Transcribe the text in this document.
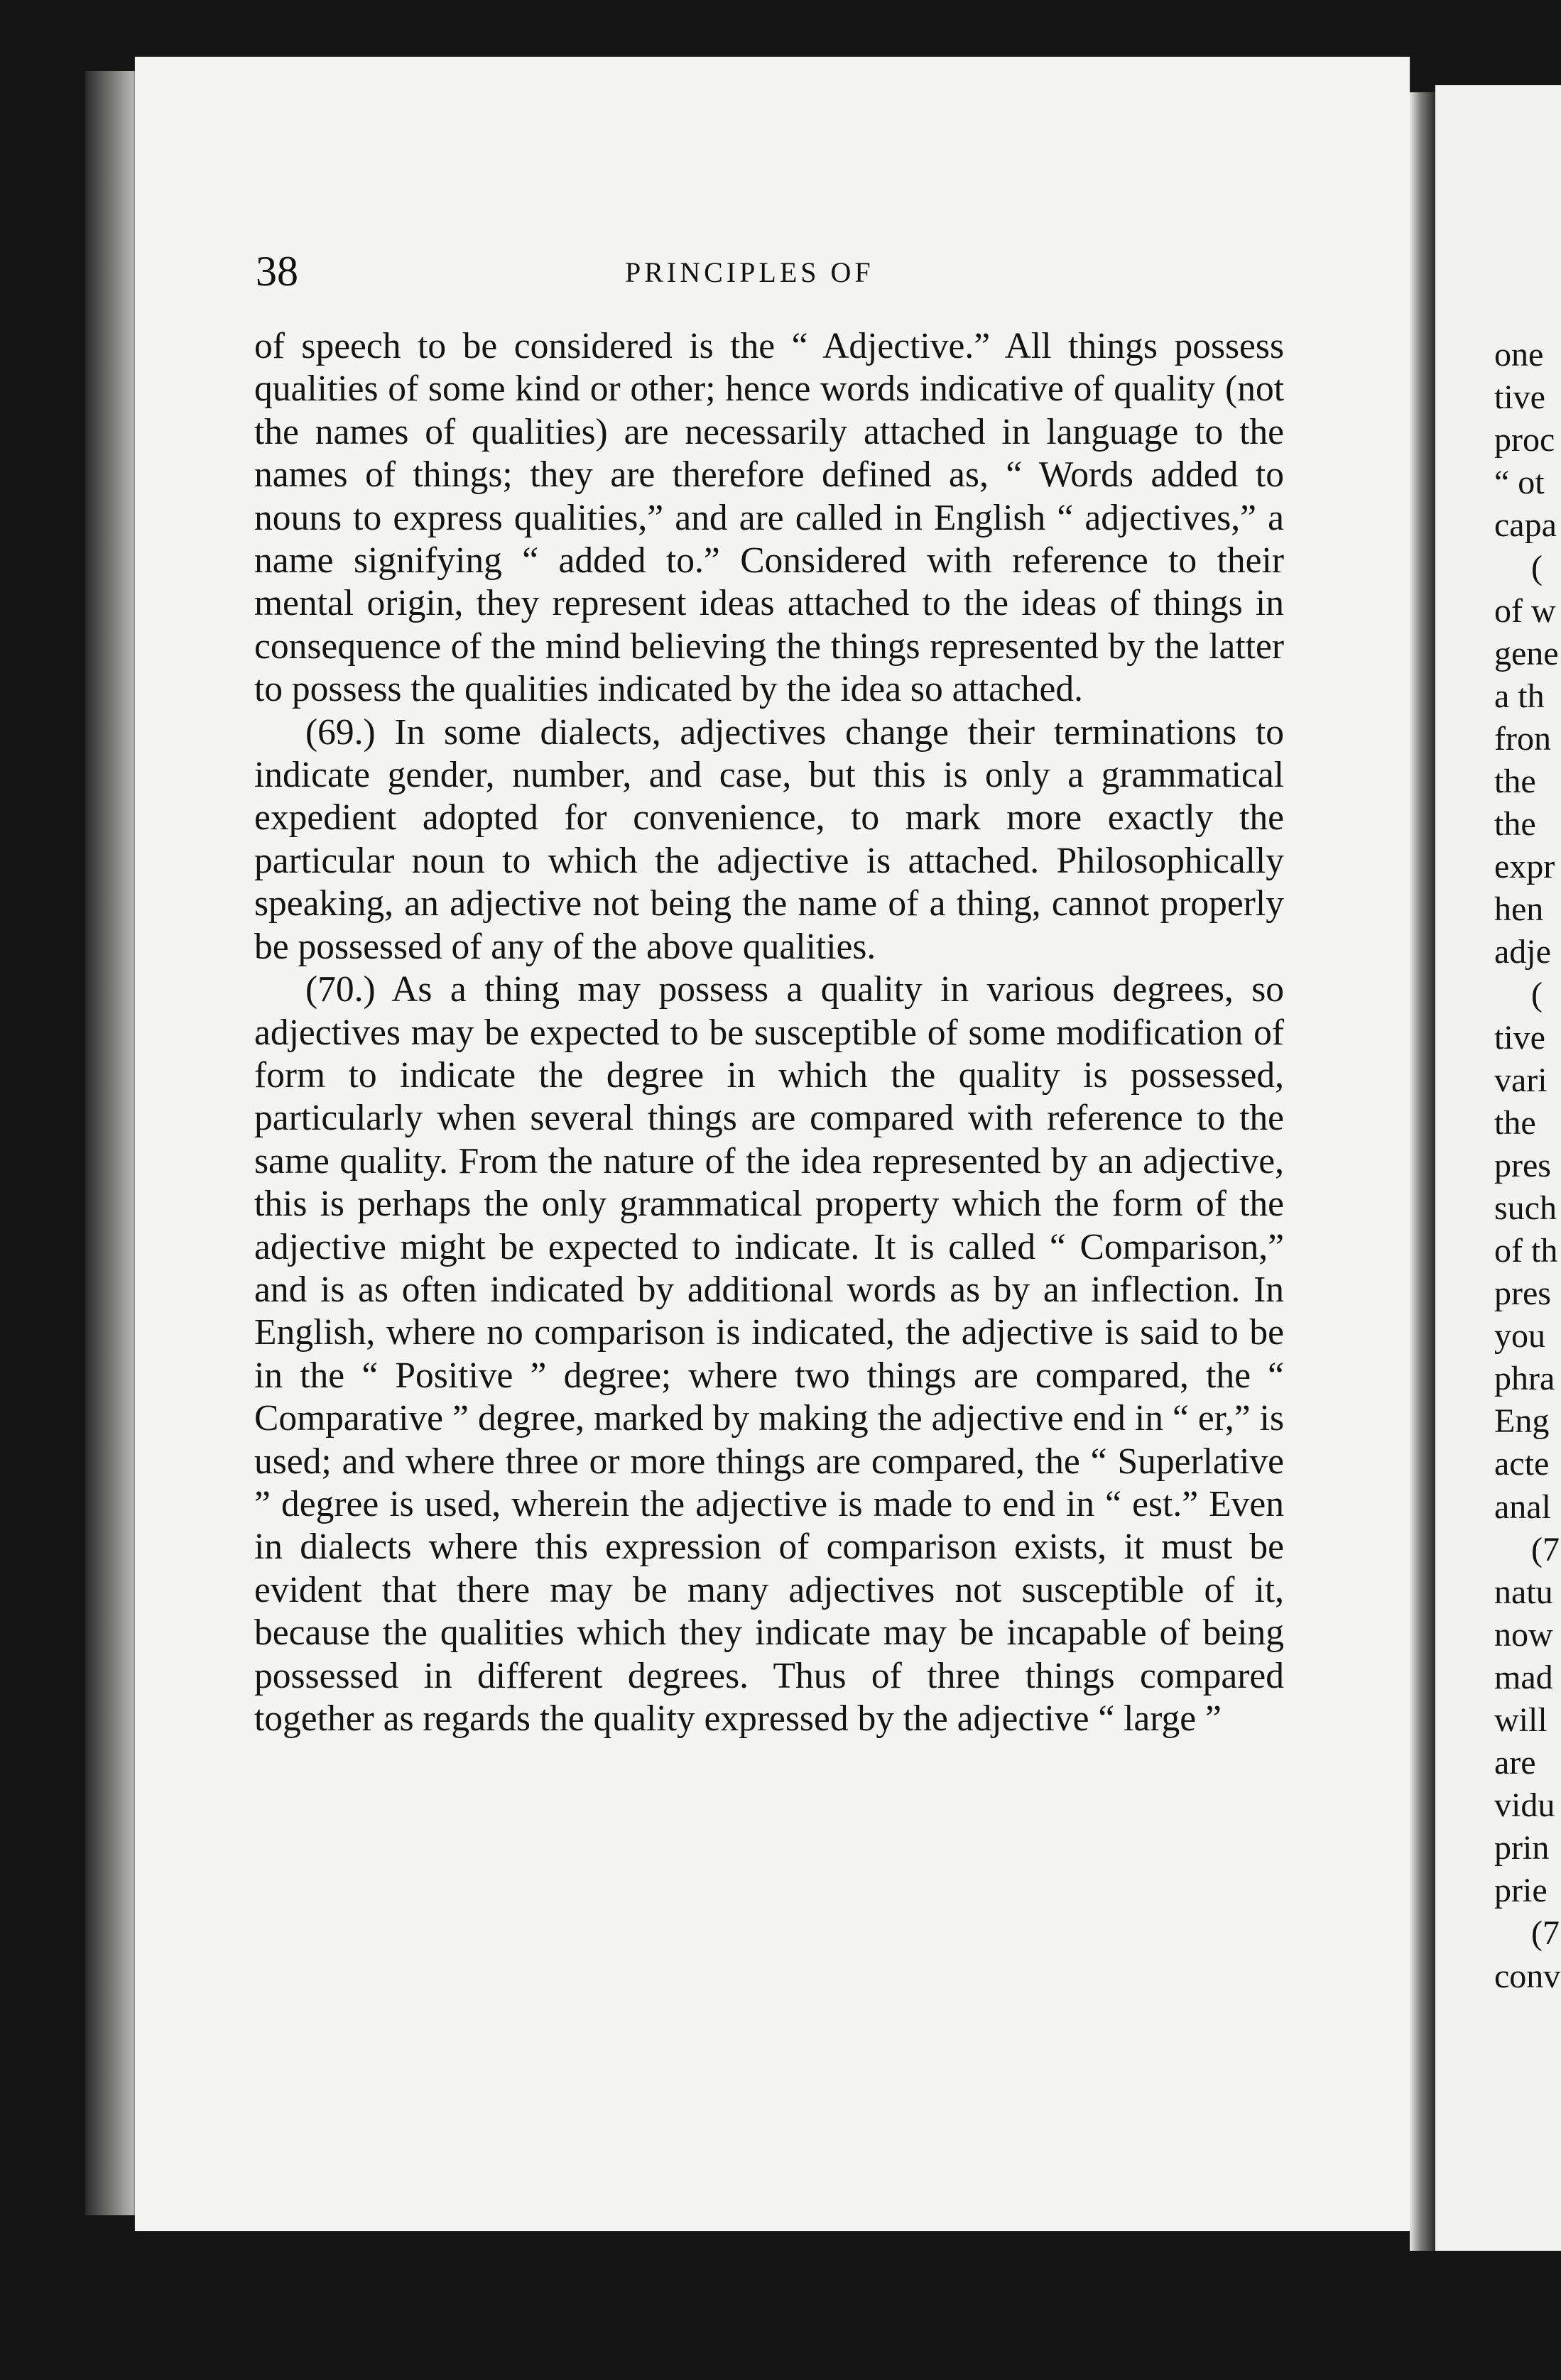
38	PRINCIPLES OF

of speech to be considered is the “ Adjective.” All things possess qualities of some kind or other; hence words indicative of quality (not the names of qualities) are necessarily attached in language to the names of things; they are therefore defined as, “ Words added to nouns to express qualities,” and are called in English “ adjectives,” a name signifying “ added to.” Considered with reference to their mental origin, they represent ideas attached to the ideas of things in consequence of the mind believing the things represented by the latter to possess the qualities indicated by the idea so attached.

(69.) In some dialects, adjectives change their terminations to indicate gender, number, and case, but this is only a grammatical expedient adopted for convenience, to mark more exactly the particular noun to which the adjective is attached. Philosophically speaking, an adjective not being the name of a thing, cannot properly be possessed of any of the above qualities.

(70.) As a thing may possess a quality in various degrees, so adjectives may be expected to be susceptible of some modification of form to indicate the degree in which the quality is possessed, particularly when several things are compared with reference to the same quality. From the nature of the idea represented by an adjective, this is perhaps the only grammatical property which the form of the adjective might be expected to indicate. It is called “ Comparison,” and is as often indicated by additional words as by an inflection. In English, where no comparison is indicated, the adjective is said to be in the “ Positive ” degree; where two things are compared, the “ Comparative ” degree, marked by making the adjective end in “ er,” is used; and where three or more things are compared, the “ Superlative ” degree is used, wherein the adjective is made to end in “ est.” Even in dialects where this expression of comparison exists, it must be evident that there may be many adjectives not susceptible of it, because the qualities which they indicate may be incapable of being possessed in different degrees. Thus of three things compared together as regards the quality expressed by the adjective “ large ”

one
tive
proc
“ ot
capa
(
of w
gene
a th
fron
the
the
expr
hen
adje
(
tive
vari
the
pres
such
of th
pres
you
phra
Eng
acte
anal
(7
natu
now
mad
will
are
vidu
prin
prie
(7
conv
